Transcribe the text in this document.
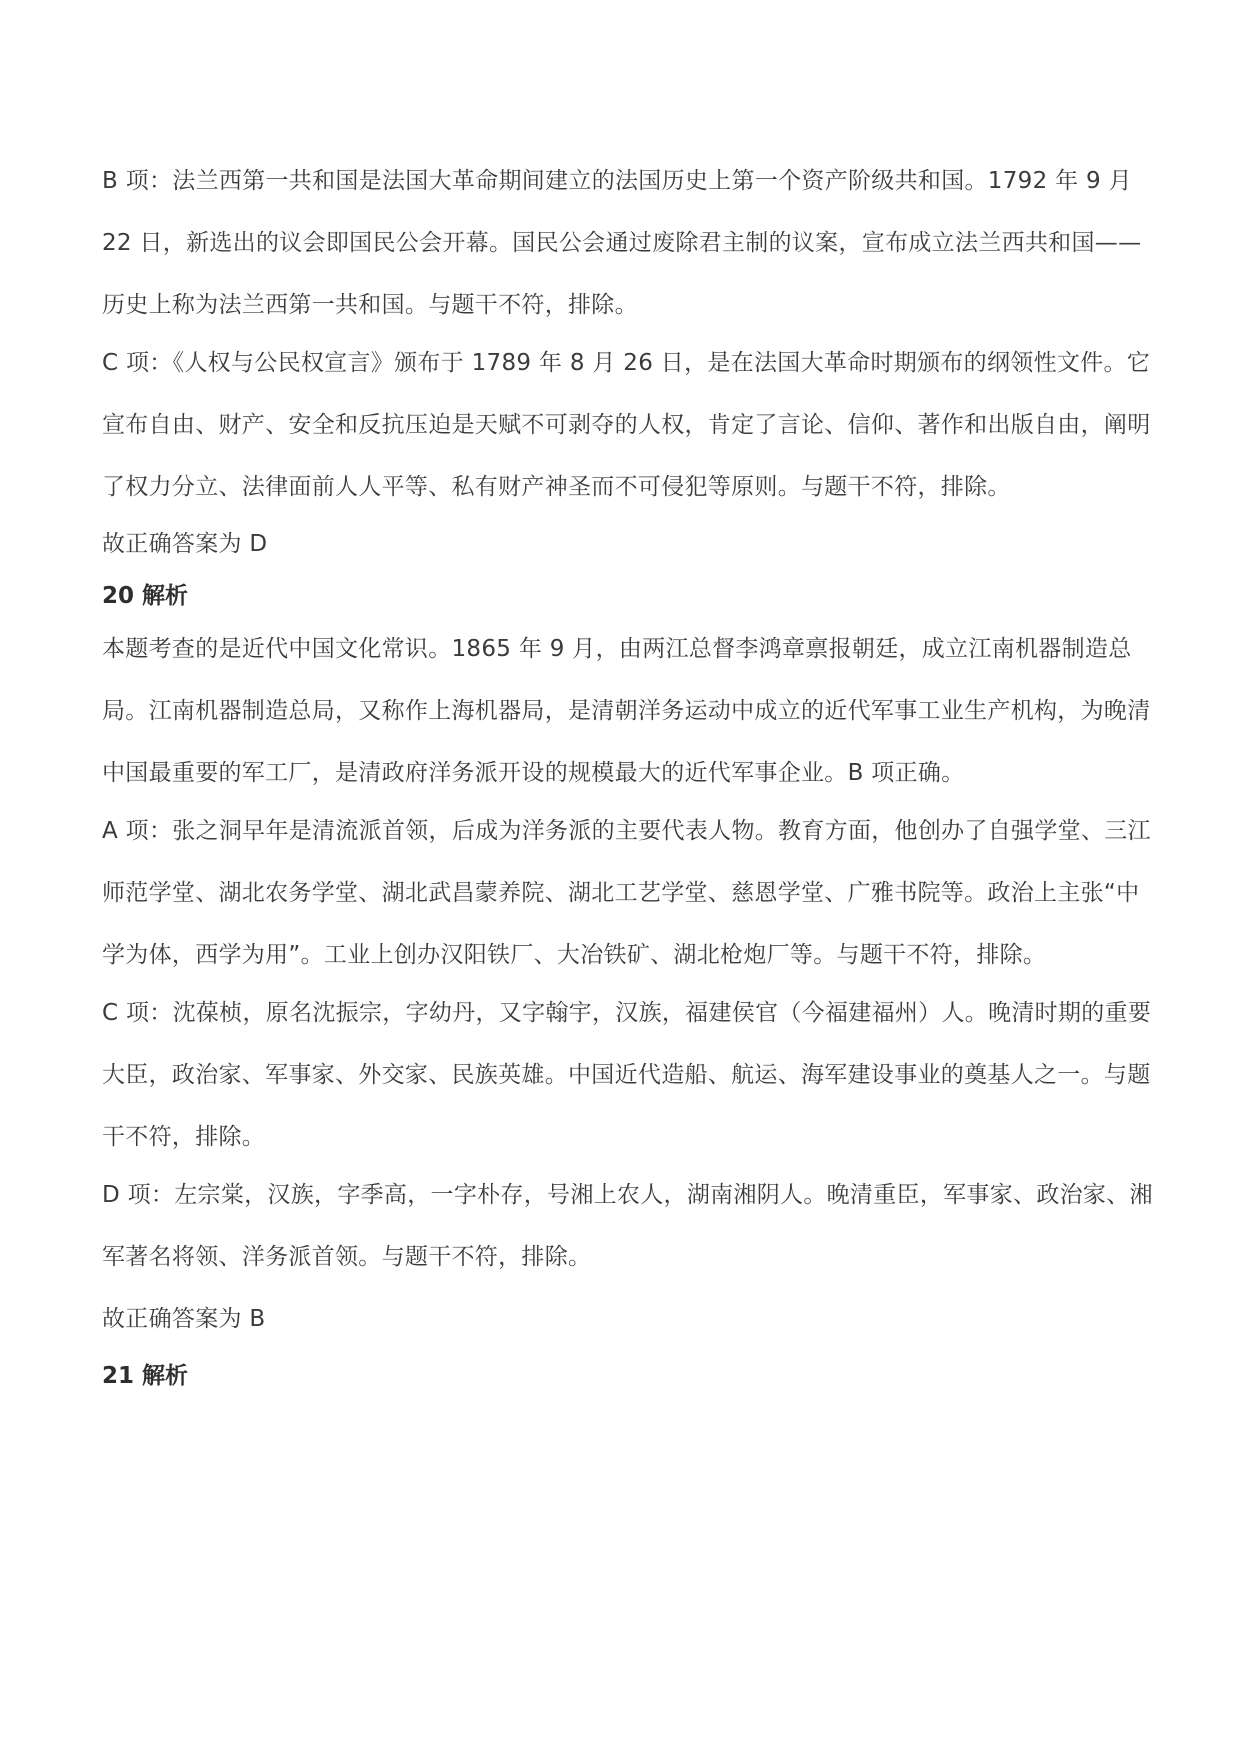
B 项：法兰西第一共和国是法国大革命期间建立的法国历史上第一个资产阶级共和国。1792 年 9 月 22 日，新选出的议会即国民公会开幕。国民公会通过废除君主制的议案，宣布成立法兰西共和国——历史上称为法兰西第一共和国。与题干不符，排除。

C 项：《人权与公民权宣言》颁布于 1789 年 8 月 26 日，是在法国大革命时期颁布的纲领性文件。它宣布自由、财产、安全和反抗压迫是天赋不可剥夺的人权，肯定了言论、信仰、著作和出版自由，阐明了权力分立、法律面前人人平等、私有财产神圣而不可侵犯等原则。与题干不符，排除。

故正确答案为 D

20 解析

本题考查的是近代中国文化常识。1865 年 9 月，由两江总督李鸿章禀报朝廷，成立江南机器制造总局。江南机器制造总局，又称作上海机器局，是清朝洋务运动中成立的近代军事工业生产机构，为晚清中国最重要的军工厂，是清政府洋务派开设的规模最大的近代军事企业。B 项正确。

A 项：张之洞早年是清流派首领，后成为洋务派的主要代表人物。教育方面，他创办了自强学堂、三江师范学堂、湖北农务学堂、湖北武昌蒙养院、湖北工艺学堂、慈恩学堂、广雅书院等。政治上主张“中学为体，西学为用”。工业上创办汉阳铁厂、大冶铁矿、湖北枪炮厂等。与题干不符，排除。

C 项：沈葆桢，原名沈振宗，字幼丹，又字翰宇，汉族，福建侯官（今福建福州）人。晚清时期的重要大臣，政治家、军事家、外交家、民族英雄。中国近代造船、航运、海军建设事业的奠基人之一。与题干不符，排除。

D 项：左宗棠，汉族，字季高，一字朴存，号湘上农人，湖南湘阴人。晚清重臣，军事家、政治家、湘军著名将领、洋务派首领。与题干不符，排除。

故正确答案为 B

21 解析
